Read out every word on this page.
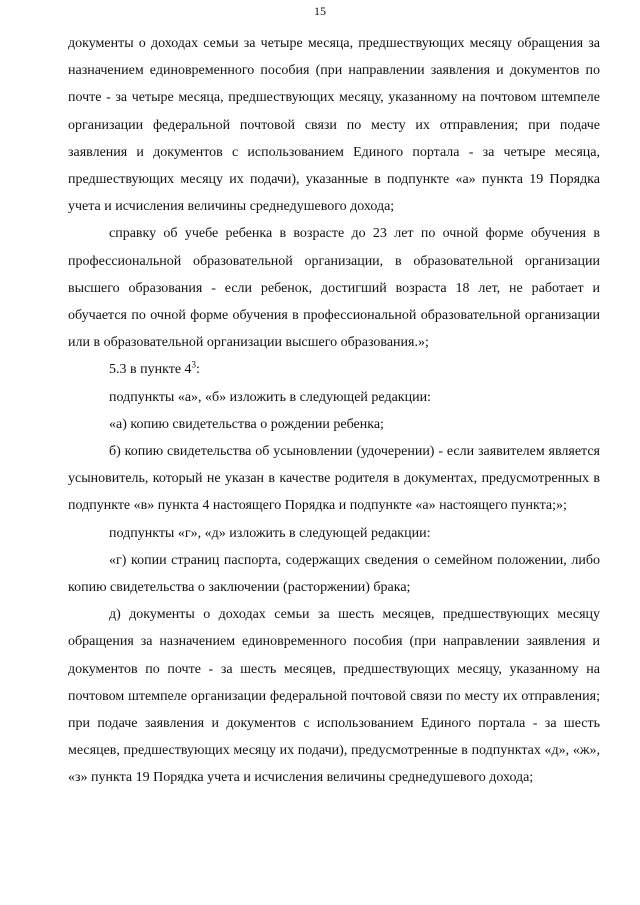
15

документы о доходах семьи за четыре месяца, предшествующих месяцу обращения за назначением единовременного пособия (при направлении заявления и документов по почте - за четыре месяца, предшествующих месяцу, указанному на почтовом штемпеле организации федеральной почтовой связи по месту их отправления; при подаче заявления и документов с использованием Единого портала - за четыре месяца, предшествующих месяцу их подачи), указанные в подпункте «а» пункта 19 Порядка учета и исчисления величины среднедушевого дохода;

справку об учебе ребенка в возрасте до 23 лет по очной форме обучения в профессиональной образовательной организации, в образовательной организации высшего образования - если ребенок, достигший возраста 18 лет, не работает и обучается по очной форме обучения в профессиональной образовательной организации или в образовательной организации высшего образования.»;

5.3 в пункте $4^3$:

подпункты «а», «б» изложить в следующей редакции:

«а) копию свидетельства о рождении ребенка;

б) копию свидетельства об усыновлении (удочерении) - если заявителем является усыновитель, который не указан в качестве родителя в документах, предусмотренных в подпункте «в» пункта 4 настоящего Порядка и подпункте «а» настоящего пункта;»;

подпункты «г», «д» изложить в следующей редакции:

«г) копии страниц паспорта, содержащих сведения о семейном положении, либо копию свидетельства о заключении (расторжении) брака;

д) документы о доходах семьи за шесть месяцев, предшествующих месяцу обращения за назначением единовременного пособия (при направлении заявления и документов по почте - за шесть месяцев, предшествующих месяцу, указанному на почтовом штемпеле организации федеральной почтовой связи по месту их отправления; при подаче заявления и документов с использованием Единого портала - за шесть месяцев, предшествующих месяцу их подачи), предусмотренные в подпунктах «д», «ж», «з» пункта 19 Порядка учета и исчисления величины среднедушевого дохода;
